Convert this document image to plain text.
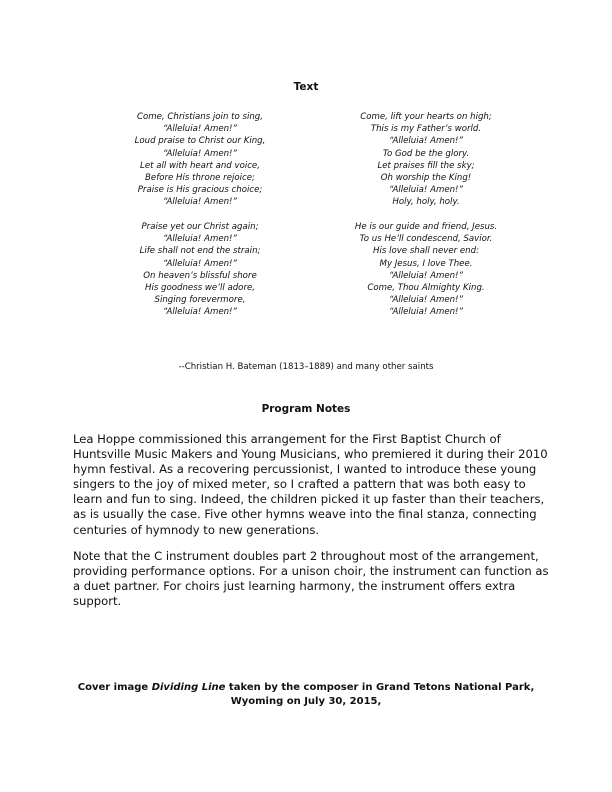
Text
Come, Christians join to sing,
“Alleluia! Amen!”
Loud praise to Christ our King,
“Alleluia! Amen!”
Let all with heart and voice,
Before His throne rejoice;
Praise is His gracious choice;
“Alleluia! Amen!”
Come, lift your hearts on high;
This is my Father’s world.
“Alleluia! Amen!”
To God be the glory.
Let praises fill the sky;
Oh worship the King!
“Alleluia! Amen!”
Holy, holy, holy.
Praise yet our Christ again;
“Alleluia! Amen!”
Life shall not end the strain;
“Alleluia! Amen!”
On heaven’s blissful shore
His goodness we’ll adore,
Singing forevermore,
“Alleluia! Amen!”
He is our guide and friend, Jesus.
To us He’ll condescend, Savior.
His love shall never end:
My Jesus, I love Thee.
“Alleluia! Amen!”
Come, Thou Almighty King.
“Alleluia! Amen!”
“Alleluia! Amen!”
--Christian H. Bateman (1813–1889) and many other saints
Program Notes

Lea Hoppe commissioned this arrangement for the First Baptist Church of Huntsville Music Makers and Young Musicians, who premiered it during their 2010 hymn festival. As a recovering percussionist, I wanted to introduce these young singers to the joy of mixed meter, so I crafted a pattern that was both easy to learn and fun to sing. Indeed, the children picked it up faster than their teachers, as is usually the case. Five other hymns weave into the final stanza, connecting centuries of hymnody to new generations.

Note that the C instrument doubles part 2 throughout most of the arrangement, providing performance options. For a unison choir, the instrument can function as a duet partner. For choirs just learning harmony, the instrument offers extra support.

Cover image Dividing Line taken by the composer in Grand Tetons National Park, Wyoming on July 30, 2015,
